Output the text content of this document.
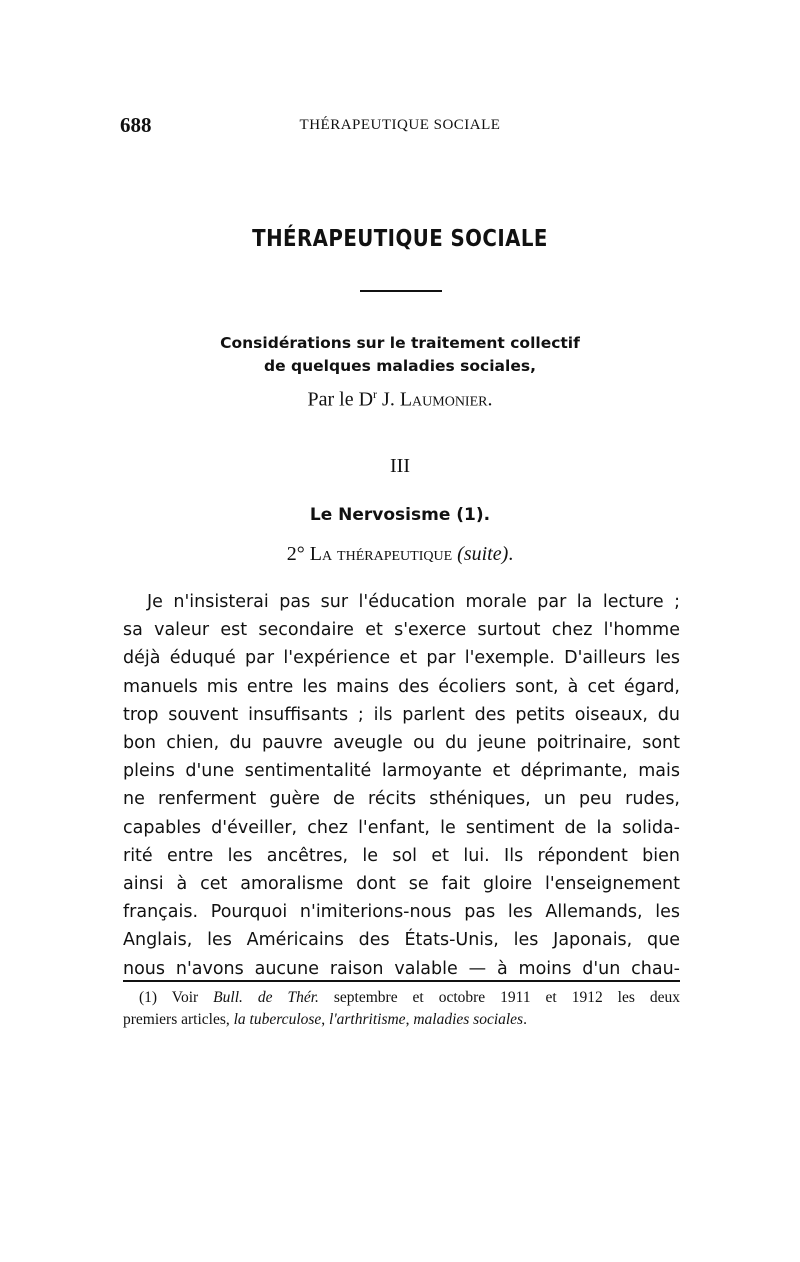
688	THÉRAPEUTIQUE SOCIALE
THÉRAPEUTIQUE SOCIALE
Considérations sur le traitement collectif
de quelques maladies sociales,
Par le $D^r$ J. Laumonier.
III
Le Nervosisme (1).
2° La thérapeutique (suite).
Je n'insisterai pas sur l'éducation morale par la lecture ;
sa valeur est secondaire et s'exerce surtout chez l'homme
déjà éduqué par l'expérience et par l'exemple. D'ailleurs les
manuels mis entre les mains des écoliers sont, à cet égard,
trop souvent insuffisants ; ils parlent des petits oiseaux, du
bon chien, du pauvre aveugle ou du jeune poitrinaire, sont
pleins d'une sentimentalité larmoyante et déprimante, mais
ne renferment guère de récits sthéniques, un peu rudes,
capables d'éveiller, chez l'enfant, le sentiment de la solida-
rité entre les ancêtres, le sol et lui. Ils répondent bien
ainsi à cet amoralisme dont se fait gloire l'enseignement
français. Pourquoi n'imiterions-nous pas les Allemands, les
Anglais, les Américains des États-Unis, les Japonais, que
nous n'avons aucune raison valable — à moins d'un chau-
(1) Voir Bull. de Thér. septembre et octobre 1911 et 1912 les deux
premiers articles, la tuberculose, l'arthritisme, maladies sociales.
